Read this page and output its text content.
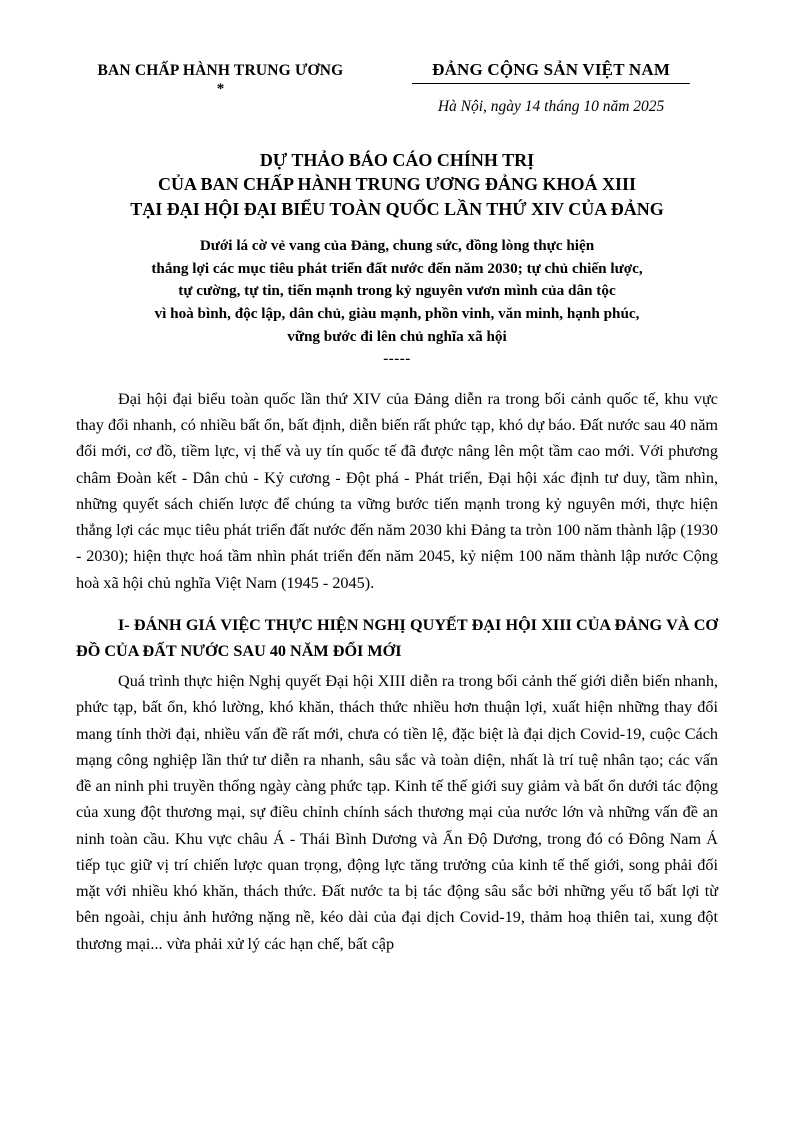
BAN CHẤP HÀNH TRUNG ƯƠNG
*
ĐẢNG CỘNG SẢN VIỆT NAM
Hà Nội, ngày 14 tháng 10 năm 2025
DỰ THẢO BÁO CÁO CHÍNH TRỊ
CỦA BAN CHẤP HÀNH TRUNG ƯƠNG ĐẢNG KHOÁ XIII
TẠI ĐẠI HỘI ĐẠI BIỂU TOÀN QUỐC LẦN THỨ XIV CỦA ĐẢNG
Dưới lá cờ vẻ vang của Đảng, chung sức, đồng lòng thực hiện
thắng lợi các mục tiêu phát triển đất nước đến năm 2030; tự chủ chiến lược,
tự cường, tự tin, tiến mạnh trong kỷ nguyên vươn mình của dân tộc
vì hoà bình, độc lập, dân chủ, giàu mạnh, phồn vinh, văn minh, hạnh phúc,
vững bước đi lên chủ nghĩa xã hội
-----

Đại hội đại biểu toàn quốc lần thứ XIV của Đảng diễn ra trong bối cảnh quốc tế, khu vực thay đổi nhanh, có nhiều bất ổn, bất định, diễn biến rất phức tạp, khó dự báo. Đất nước sau 40 năm đổi mới, cơ đồ, tiềm lực, vị thế và uy tín quốc tế đã được nâng lên một tầm cao mới. Với phương châm Đoàn kết - Dân chủ - Kỷ cương - Đột phá - Phát triển, Đại hội xác định tư duy, tầm nhìn, những quyết sách chiến lược để chúng ta vững bước tiến mạnh trong kỷ nguyên mới, thực hiện thắng lợi các mục tiêu phát triển đất nước đến năm 2030 khi Đảng ta tròn 100 năm thành lập (1930 - 2030); hiện thực hoá tầm nhìn phát triển đến năm 2045, kỷ niệm 100 năm thành lập nước Cộng hoà xã hội chủ nghĩa Việt Nam (1945 - 2045).

I- ĐÁNH GIÁ VIỆC THỰC HIỆN NGHỊ QUYẾT ĐẠI HỘI XIII CỦA ĐẢNG VÀ CƠ ĐỒ CỦA ĐẤT NƯỚC SAU 40 NĂM ĐỔI MỚI

Quá trình thực hiện Nghị quyết Đại hội XIII diễn ra trong bối cảnh thế giới diễn biến nhanh, phức tạp, bất ổn, khó lường, khó khăn, thách thức nhiều hơn thuận lợi, xuất hiện những thay đổi mang tính thời đại, nhiều vấn đề rất mới, chưa có tiền lệ, đặc biệt là đại dịch Covid-19, cuộc Cách mạng công nghiệp lần thứ tư diễn ra nhanh, sâu sắc và toàn diện, nhất là trí tuệ nhân tạo; các vấn đề an ninh phi truyền thống ngày càng phức tạp. Kinh tế thế giới suy giảm và bất ổn dưới tác động của xung đột thương mại, sự điều chỉnh chính sách thương mại của nước lớn và những vấn đề an ninh toàn cầu. Khu vực châu Á - Thái Bình Dương và Ấn Độ Dương, trong đó có Đông Nam Á tiếp tục giữ vị trí chiến lược quan trọng, động lực tăng trưởng của kinh tế thế giới, song phải đối mặt với nhiều khó khăn, thách thức. Đất nước ta bị tác động sâu sắc bởi những yếu tố bất lợi từ bên ngoài, chịu ảnh hưởng nặng nề, kéo dài của đại dịch Covid-19, thảm hoạ thiên tai, xung đột thương mại... vừa phải xử lý các hạn chế, bất cập
